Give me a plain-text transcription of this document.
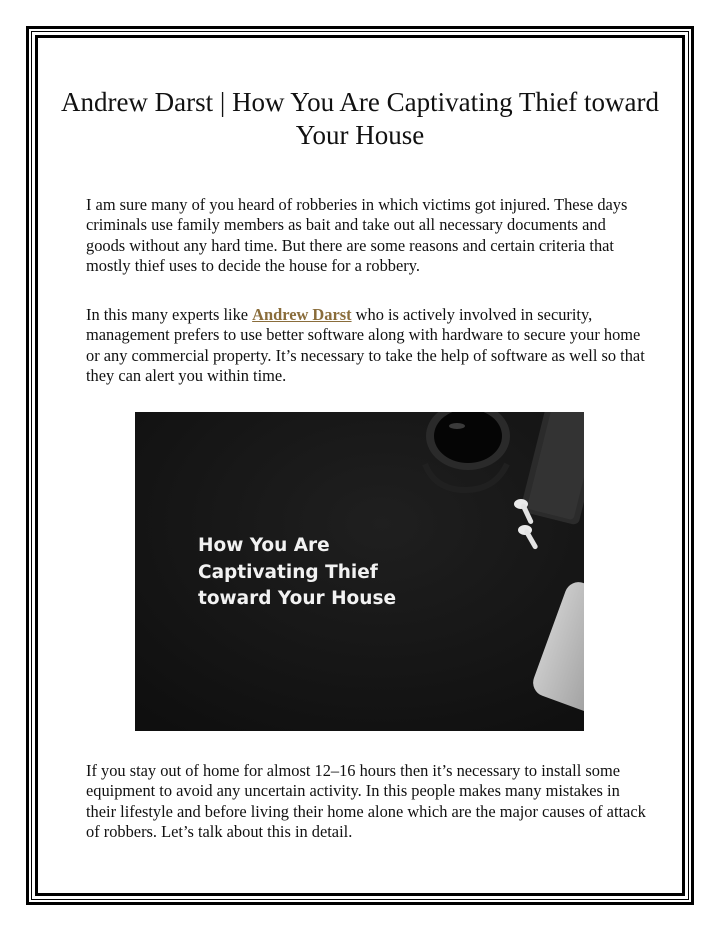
Andrew Darst | How You Are Captivating Thief toward Your House

I am sure many of you heard of robberies in which victims got injured. These days criminals use family members as bait and take out all necessary documents and goods without any hard time. But there are some reasons and certain criteria that mostly thief uses to decide the house for a robbery.

In this many experts like Andrew Darst who is actively involved in security, management prefers to use better software along with hardware to secure your home or any commercial property. It’s necessary to take the help of software as well so that they can alert you within time.

How You Are
Captivating Thief
toward Your House

If you stay out of home for almost 12–16 hours then it’s necessary to install some equipment to avoid any uncertain activity. In this people makes many mistakes in their lifestyle and before living their home alone which are the major causes of attack of robbers. Let’s talk about this in detail.
